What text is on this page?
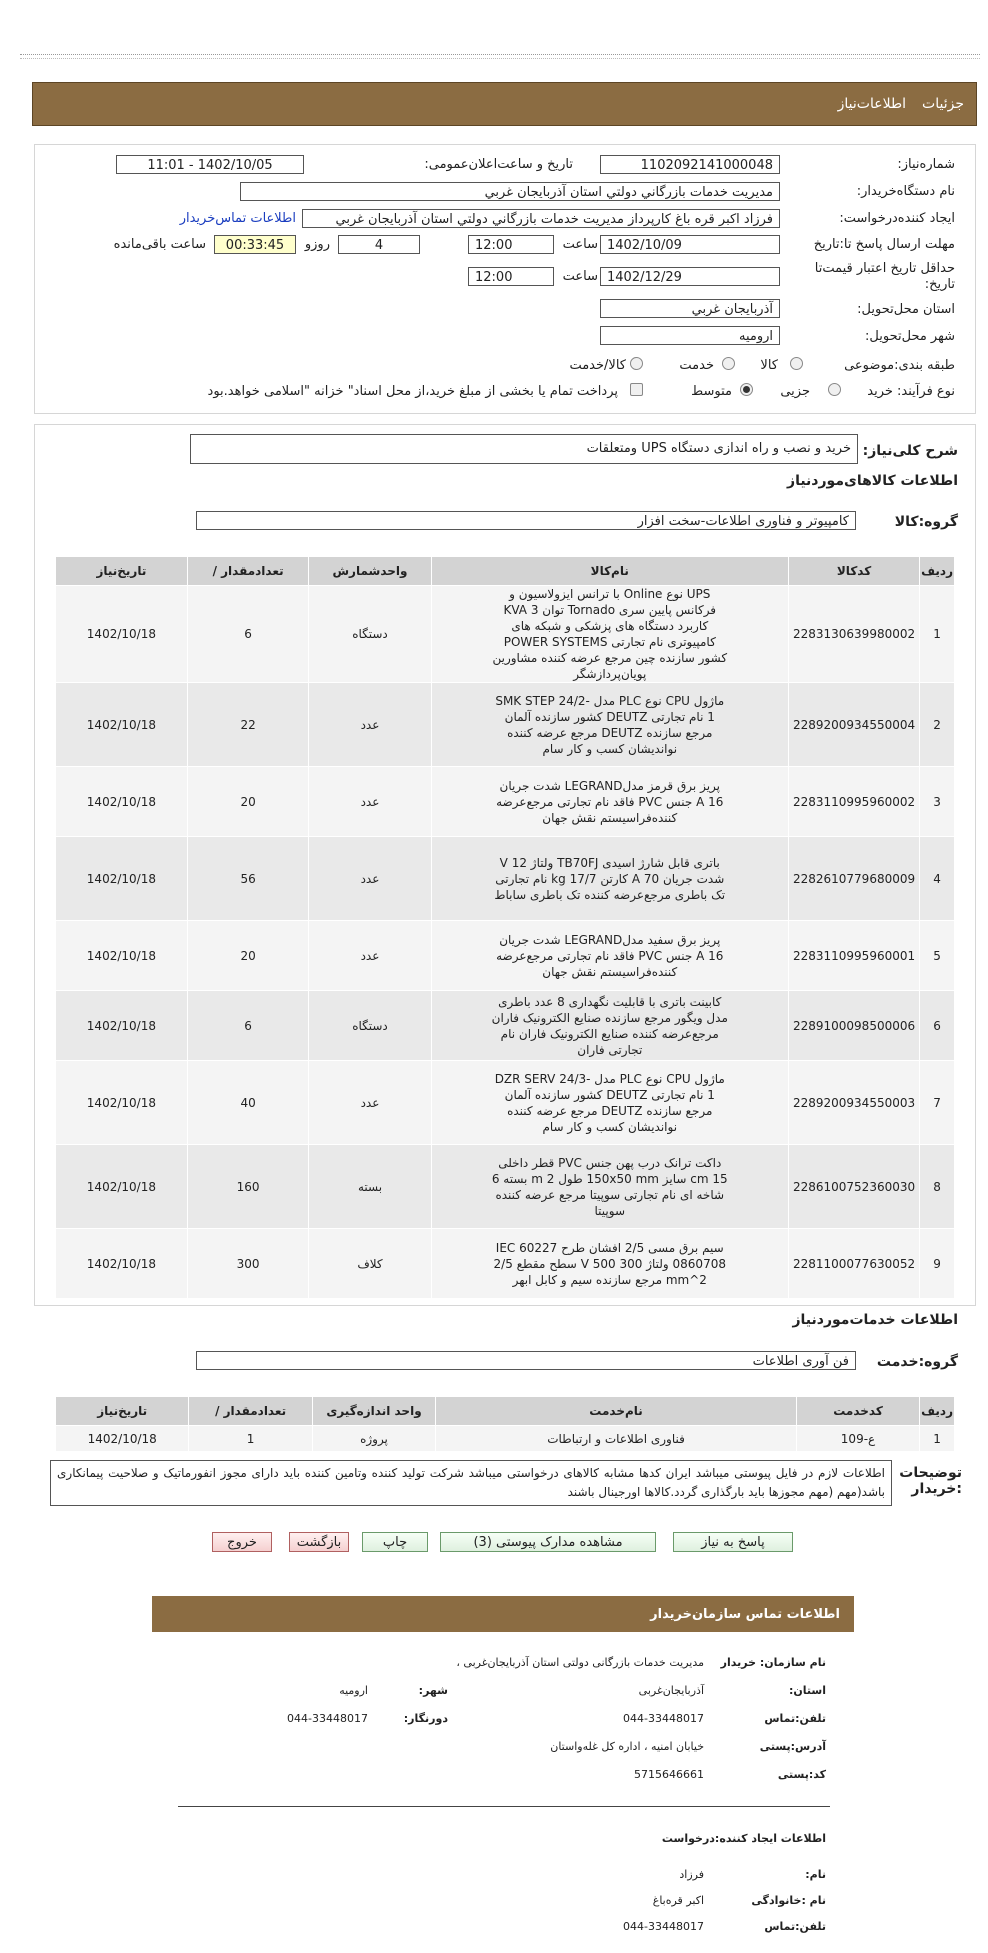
جزئیات
اطلاعات‌نیاز
شماره‌نیاز:
1102092141000048
تاریخ و ساعت‌اعلان‌عمومی:
1402/10/05 - 11:01
نام دستگاه‌خریدار:
مديريت خدمات بازرگاني دولتي استان آذربايجان غربي
ایجاد کننده‌درخواست:
فرزاد اکبر قره باغ کارپرداز مديريت خدمات بازرگاني دولتي استان آذربايجان غربي
اطلاعات تماس‌خریدار
مهلت ارسال پاسخ تا:تاریخ
1402/10/09
ساعت
12:00
4
روزو
00:33:45
ساعت باقی‌مانده
حداقل تاریخ اعتبار قیمت‌تا
تاریخ:
1402/12/29
ساعت
12:00
استان محل‌تحویل:
آذربايجان غربي
شهر محل‌تحویل:
اروميه
طبقه بندی:موضوعی
کالا
خدمت
کالا/خدمت
نوع فرآیند: خرید
جزیی
متوسط
پرداخت تمام یا بخشی از مبلغ خرید،از محل اسناد" خزانه "اسلامی خواهد.بود
شرح کلی‌نیاز:
خرید و نصب و راه اندازی دستگاه UPS ومتعلقات
اطلاعات کالاهای‌موردنیاز
گروه:کالا
کامپیوتر و فناوری اطلاعات-سخت افزار
ردیف	کدکالا	نام‌کالا	واحدشمارش	تعداد‌مقدار /	تاریخ‌نیاز
1	2283130639980002	UPS نوع Online با ترانس ایزولاسیون و فرکانس پایین سری Tornado توان 3 KVA کاربرد دستگاه های پزشکی و شبکه های کامپیوتری نام تجارتی POWER SYSTEMS کشور سازنده چین مرجع عرضه کننده مشاورین پویان‌پردازشگر	دستگاه	6	1402/10/18
2	2289200934550004	ماژول CPU نوع PLC مدل SMK STEP 24/2-1 نام تجارتی DEUTZ کشور سازنده آلمان مرجع سازنده DEUTZ مرجع عرضه کننده نواندیشان کسب و کار سام	عدد	22	1402/10/18
3	2283110995960002	پریز برق قرمز مدلLEGRAND شدت جریان 16 A جنس PVC فاقد نام تجارتی مرجع‌عرضه کننده‌فراسیستم نقش جهان	عدد	20	1402/10/18
4	2282610779680009	باتری قابل شارژ اسیدی TB70FJ ولتاژ 12 V شدت جریان 70 A کارتن 17/7 kg نام تجارتی تک باطری مرجع‌عرضه کننده تک باطری ساباط	عدد	56	1402/10/18
5	2283110995960001	پریز برق سفید مدلLEGRAND شدت جریان 16 A جنس PVC فاقد نام تجارتی مرجع‌عرضه کننده‌فراسیستم نقش جهان	عدد	20	1402/10/18
6	2289100098500006	کابینت باتری با قابلیت نگهداری 8 عدد باطری مدل ویگور مرجع سازنده صنایع الکترونیک فاران مرجع‌عرضه کننده صنایع الکترونیک فاران نام تجارتی فاران	دستگاه	6	1402/10/18
7	2289200934550003	ماژول CPU نوع PLC مدل DZR SERV 24/3-1 نام تجارتی DEUTZ کشور سازنده آلمان مرجع سازنده DEUTZ مرجع عرضه کننده نواندیشان کسب و کار سام	عدد	40	1402/10/18
8	2286100752360030	داکت ترانک درب پهن جنس PVC قطر داخلی 15 cm سایز 150x50 mm طول 2 m بسته 6 شاخه ای نام تجارتی سوپیتا مرجع عرضه کننده سوپیتا	بسته	160	1402/10/18
9	2281100077630052	سیم برق مسی 2/5 افشان طرح IEC 60227 0860708 ولتاژ 300 500 V سطح مقطع 2/5 mm^2 مرجع سازنده سیم و کابل ابهر	کلاف	300	1402/10/18
اطلاعات خدمات‌موردنیاز
گروه:خدمت
فن آوری اطلاعات
ردیف	کدخدمت	نام‌خدمت	واحد اندازه‌گیری	تعداد‌مقدار /	تاریخ‌نیاز
1	ع-109	فناوری اطلاعات و ارتباطات	پروژه	1	1402/10/18
توضیحات :خریدار
اطلاعات لازم در فایل پیوستی میباشد ایران کدها مشابه کالاهای درخواستی میباشد شرکت تولید کننده وتامین کننده باید دارای مجوز انفورماتیک و صلاحیت پیمانکاری باشد(مهم (مهم مجوزها باید بارگذاری گردد.کالاها اورجینال باشند
پاسخ به نیاز
مشاهده مدارک پیوستی (3)
چاپ
بازگشت
خروج
اطلاعات تماس سازمان‌خریدار
نام سازمان: خریدار
مدیریت خدمات بازرگانی دولتی استان آذربایجان‌غربی ،
استان:
آذربایجان‌غربی
شهر:
ارومیه
تلفن:تماس
044-33448017
دورنگار:
044-33448017
آدرس:پستی
خیابان امنیه ، اداره کل غله‌واستان
کد:پستی
5715646661
اطلاعات ایجاد کننده:درخواست
نام:
فرزاد
نام :خانوادگی
اکبر قره‌باغ
تلفن:تماس
044-33448017
